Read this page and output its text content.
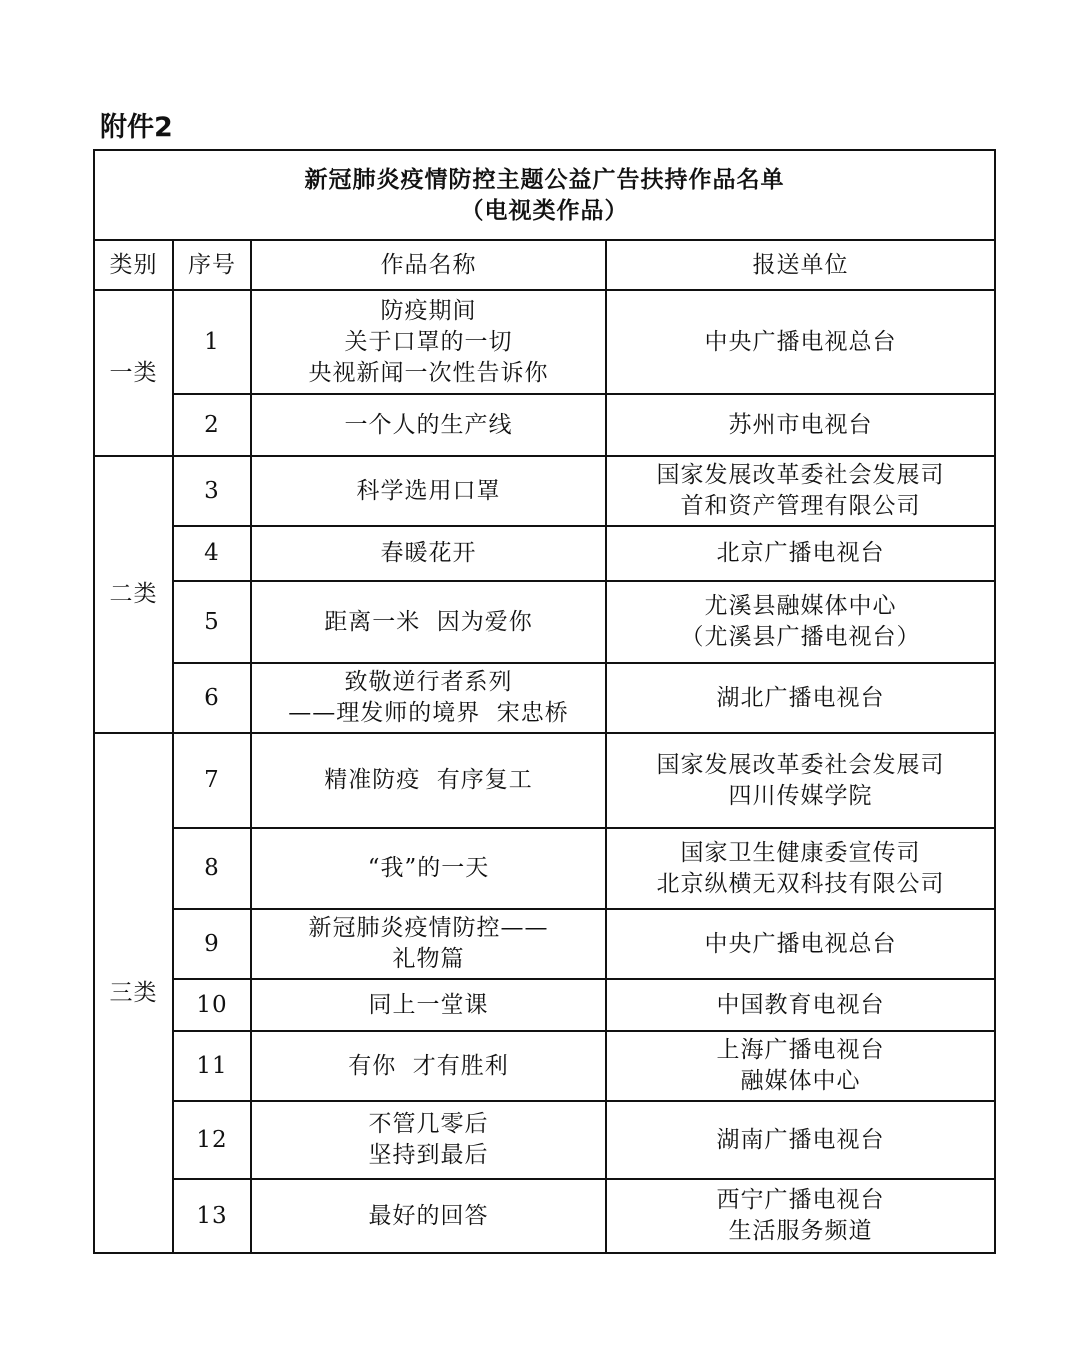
附件2
新冠肺炎疫情防控主题公益广告扶持作品名单
（电视类作品）			

类别	序号	作品名称	报送单位
一类	1	防疫期间
关于口罩的一切
央视新闻一次性告诉你	中央广播电视总台

	2	一个人的生产线	苏州市电视台

二类	3	科学选用口罩	国家发展改革委社会发展司
首和资产管理有限公司

	4	春暖花开	北京广播电视台

	5	距离一米  因为爱你	尤溪县融媒体中心
（尤溪县广播电视台）

	6	致敬逆行者系列
——理发师的境界  宋忠桥	湖北广播电视台

三类	7	精准防疫  有序复工	国家发展改革委社会发展司
四川传媒学院

	8	“我”的一天	国家卫生健康委宣传司
北京纵横无双科技有限公司

	9	新冠肺炎疫情防控——
礼物篇	中央广播电视总台

	10	同上一堂课	中国教育电视台

	11	有你  才有胜利	上海广播电视台
融媒体中心

	12	不管几零后
坚持到最后	湖南广播电视台

	13	最好的回答	西宁广播电视台
生活服务频道
